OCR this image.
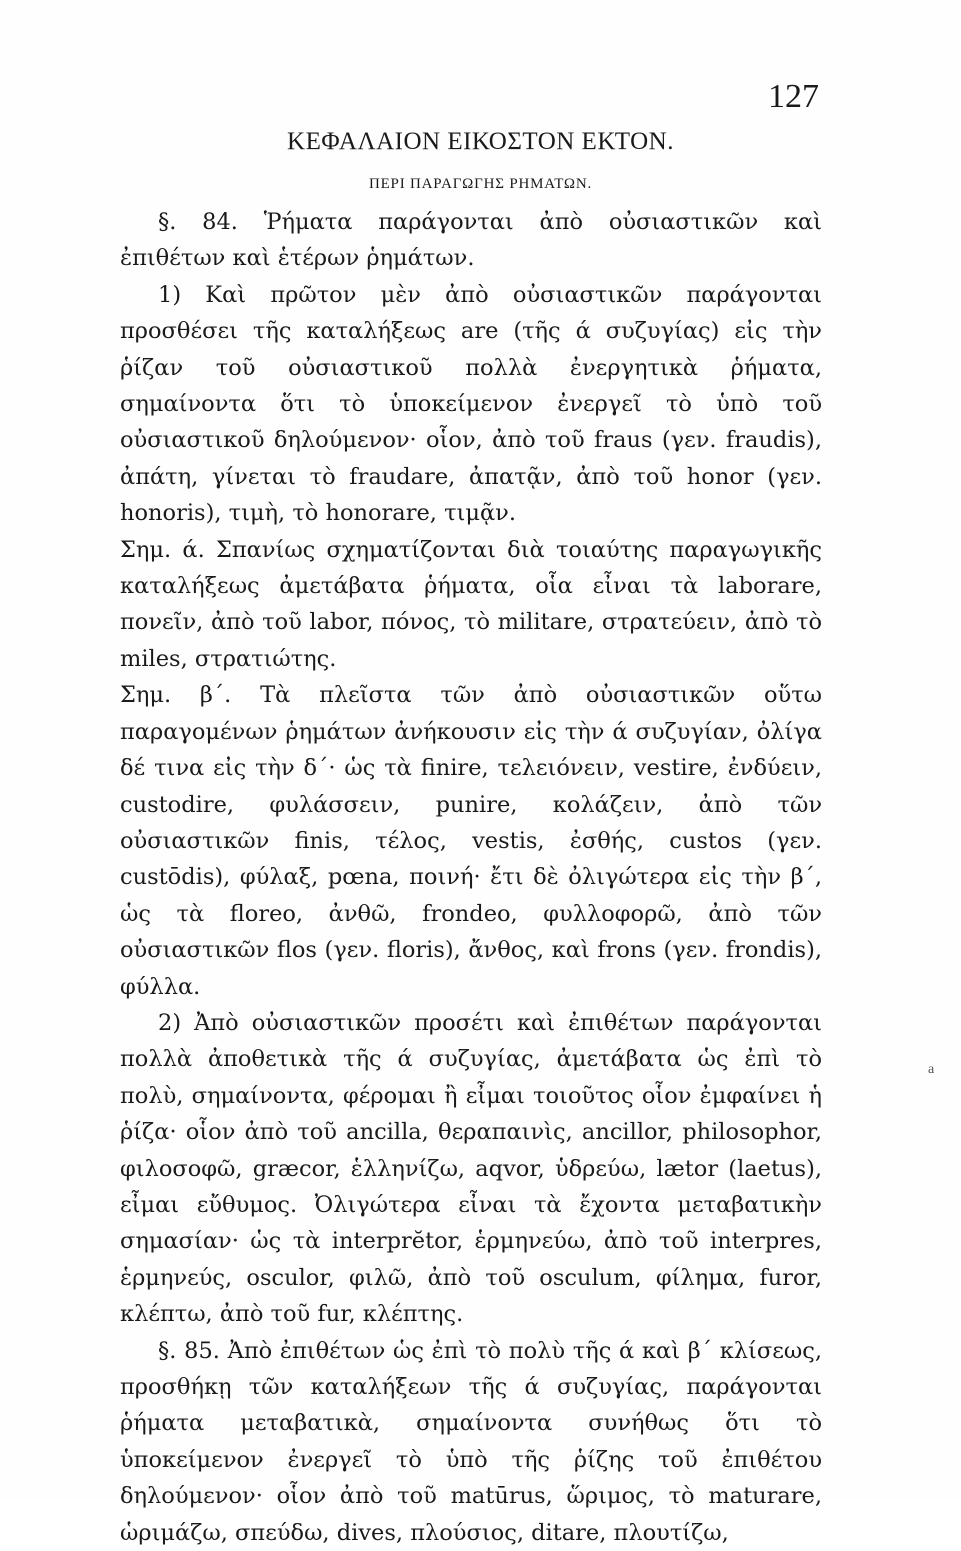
127
ΚΕΦΑΛΑΙΟΝ ΕΙΚΟΣΤΟΝ ΕΚΤΟΝ.
ΠΕΡΙ ΠΑΡΑΓΩΓΗΣ ΡΗΜΑΤΩΝ.

§. 84. Ῥήματα παράγονται ἀπὸ οὐσιαστικῶν καὶ ἐπιθέτων καὶ ἑτέρων ῥημάτων.

1) Καὶ πρῶτον μὲν ἀπὸ οὐσιαστικῶν παράγονται προσθέσει τῆς καταλήξεως are (τῆς ά συζυγίας) εἰς τὴν ῥίζαν τοῦ οὐσιαστικοῦ πολλὰ ἐνεργητικὰ ῥήματα, σημαίνοντα ὅτι τὸ ὑποκείμενον ἐνεργεῖ τὸ ὑπὸ τοῦ οὐσιαστικοῦ δηλούμενον· οἷον, ἀπὸ τοῦ fraus (γεν. fraudis), ἀπάτη, γίνεται τὸ fraudare, ἀπατᾷν, ἀπὸ τοῦ honor (γεν. honoris), τιμὴ, τὸ honorare, τιμᾷν.

Σημ. ά. Σπανίως σχηματίζονται διὰ τοιαύτης παραγωγικῆς καταλήξεως ἀμετάβατα ῥήματα, οἷα εἶναι τὰ laborare, πονεῖν, ἀπὸ τοῦ labor, πόνος, τὸ militare, στρατεύειν, ἀπὸ τὸ miles, στρατιώτης.

Σημ. β΄. Τὰ πλεῖστα τῶν ἀπὸ οὐσιαστικῶν οὕτω παραγομένων ῥημάτων ἀνήκουσιν εἰς τὴν ά συζυγίαν, ὀλίγα δέ τινα εἰς τὴν δ΄· ὡς τὰ finire, τελειόνειν, vestire, ἐνδύειν, custodire, φυλάσσειν, punire, κολάζειν, ἀπὸ τῶν οὐσιαστικῶν finis, τέλος, vestis, ἐσθής, custos (γεν. custōdis), φύλαξ, pœna, ποινή· ἔτι δὲ ὀλιγώτερα εἰς τὴν β΄, ὡς τὰ floreo, ἀνθῶ, frondeo, φυλλοφορῶ, ἀπὸ τῶν οὐσιαστικῶν flos (γεν. floris), ἄνθος, καὶ frons (γεν. frondis), φύλλα.

2) Ἀπὸ οὐσιαστικῶν προσέτι καὶ ἐπιθέτων παράγονται πολλὰ ἀποθετικὰ τῆς ά συζυγίας, ἀμετάβατα ὡς ἐπὶ τὸ πολὺ, σημαίνοντα, φέρομαι ἢ εἶμαι τοιοῦτος οἷον ἐμφαίνει ἡ ῥίζα· οἷον ἀπὸ τοῦ ancilla, θεραπαινὶς, ancillor, philosophor, φιλοσοφῶ, græcor, ἑλληνίζω, aqvor, ὑδρεύω, lætor (laetus), εἶμαι εὔθυμος. Ὀλιγώτερα εἶναι τὰ ἔχοντα μεταβατικὴν σημασίαν· ὡς τὰ interprĕtor, ἑρμηνεύω, ἀπὸ τοῦ interpres, ἑρμηνεύς, osculor, φιλῶ, ἀπὸ τοῦ osculum, φίλημα, furor, κλέπτω, ἀπὸ τοῦ fur, κλέπτης.

§. 85. Ἀπὸ ἐπιθέτων ὡς ἐπὶ τὸ πολὺ τῆς ά καὶ β΄ κλίσεως, προσθήκῃ τῶν καταλήξεων τῆς ά συζυγίας, παράγονται ῥήματα μεταβατικὰ, σημαίνοντα συνήθως ὅτι τὸ ὑποκείμενον ἐνεργεῖ τὸ ὑπὸ τῆς ῥίζης τοῦ ἐπιθέτου δηλούμενον· οἷον ἀπὸ τοῦ matūrus, ὥριμος, τὸ maturare, ὡριμάζω, σπεύδω, dives, πλούσιος, ditare, πλουτίζω,

a
